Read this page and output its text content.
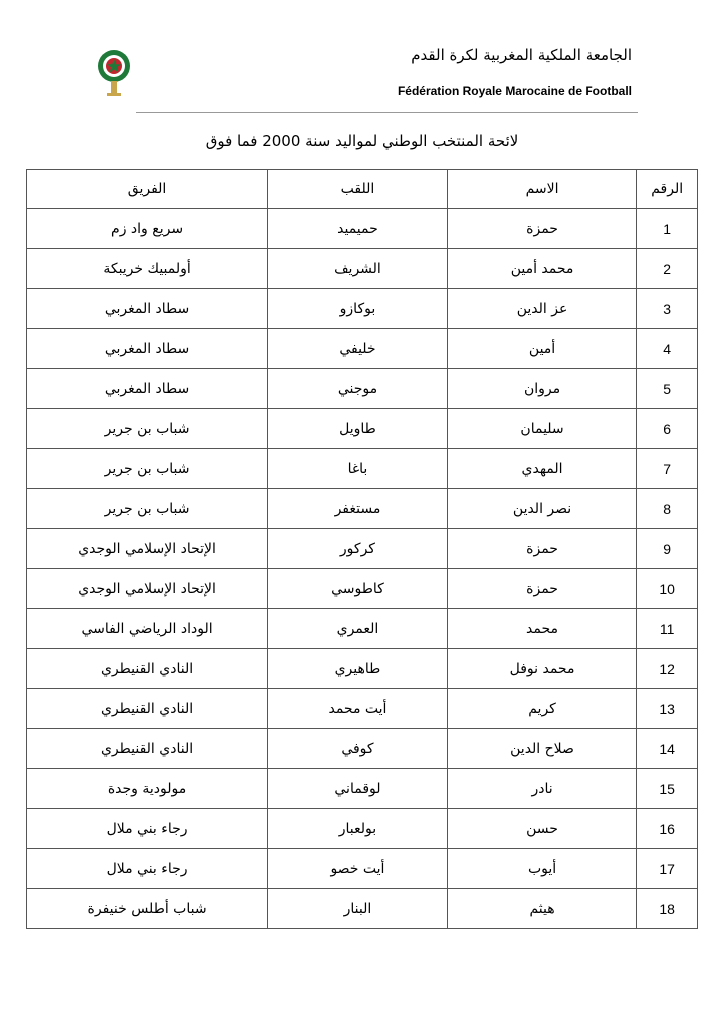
الجامعة الملكية المغربية لكرة القدم
Fédération Royale Marocaine de Football
لائحة المنتخب الوطني لمواليد سنة 2000 فما فوق
الرقم	الاسم	اللقب	الفريق
1	حمزة	حميميد	سريع واد زم
2	محمد أمين	الشريف	أولمبيك خريبكة
3	عز الدين	بوكازو	سطاد المغربي
4	أمين	خليفي	سطاد المغربي
5	مروان	موجني	سطاد المغربي
6	سليمان	طاويل	شباب بن جرير
7	المهدي	باغا	شباب بن جرير
8	نصر الدين	مستغفر	شباب بن جرير
9	حمزة	كركور	الإتحاد الإسلامي الوجدي
10	حمزة	كاطوسي	الإتحاد الإسلامي الوجدي
11	محمد	العمري	الوداد الرياضي الفاسي
12	محمد نوفل	طاهيري	النادي القنيطري
13	كريم	أيت محمد	النادي القنيطري
14	صلاح الدين	كوفي	النادي القنيطري
15	نادر	لوقماني	مولودية وجدة
16	حسن	بولعبار	رجاء بني ملال
17	أيوب	أيت خصو	رجاء بني ملال
18	هيثم	البنار	شباب أطلس خنيفرة
